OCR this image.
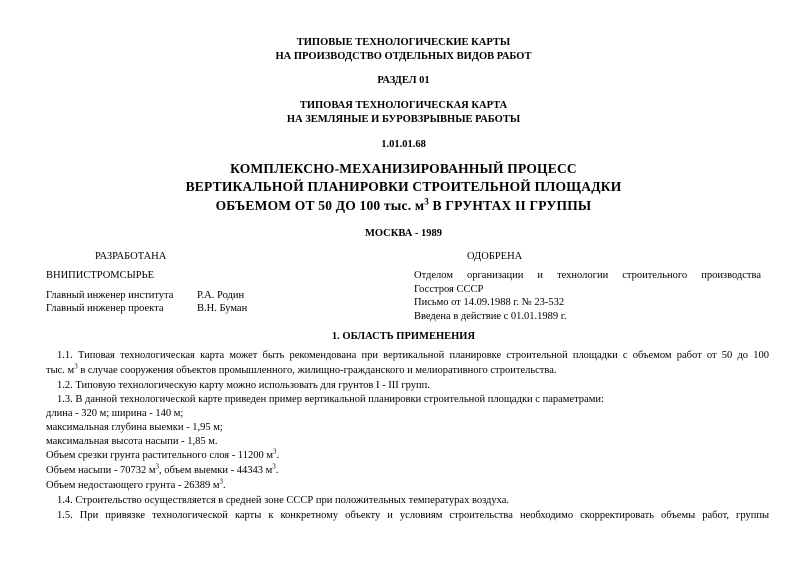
ТИПОВЫЕ ТЕХНОЛОГИЧЕСКИЕ КАРТЫ
НА ПРОИЗВОДСТВО ОТДЕЛЬНЫХ ВИДОВ РАБОТ
РАЗДЕЛ 01
ТИПОВАЯ ТЕХНОЛОГИЧЕСКАЯ КАРТА
НА ЗЕМЛЯНЫЕ И БУРОВЗРЫВНЫЕ РАБОТЫ
1.01.01.68
КОМПЛЕКСНО-МЕХАНИЗИРОВАННЫЙ ПРОЦЕСС
ВЕРТИКАЛЬНОЙ ПЛАНИРОВКИ СТРОИТЕЛЬНОЙ ПЛОЩАДКИ
ОБЪЕМОМ ОТ 50 ДО 100 тыс. $м^3$ В ГРУНТАХ II ГРУППЫ
МОСКВА - 1989
РАЗРАБОТАНА
ВНИПИСТРОМСЫРЬЕ
Главный инженер института Р.А. Родин
Главный инженер проекта	В.Н. Буман
ОДОБРЕНА
Отделом организации и технологии строительного производства
Госстроя СССР
Письмо от 14.09.1988 г. № 23-532
Введена в действие с 01.01.1989 г.
1. ОБЛАСТЬ ПРИМЕНЕНИЯ
1.1. Типовая технологическая карта может быть рекомендована при вертикальной планировке строительной площадки с объемом работ от 50 до 100
тыс. $м^3$ в случае сооружения объектов промышленного, жилищно-гражданского и мелиоративного строительства.
1.2. Типовую технологическую карту можно использовать для грунтов I - III групп.
1.3. В данной технологической карте приведен пример вертикальной планировки строительной площадки с параметрами:
длина - 320 м; ширина - 140 м;
максимальная глубина выемки - 1,95 м;
максимальная высота насыпи - 1,85 м.
Объем срезки грунта растительного слоя - 11200 $м^3$.
Объем насыпи - 70732 $м^3$, объем выемки - 44343 $м^3$.
Объем недостающего грунта - 26389 $м^3$.
1.4. Строительство осуществляется в средней зоне СССР при положительных температурах воздуха.
1.5. При привязке технологической карты к конкретному объекту и условиям строительства необходимо скорректировать объемы работ, группы
